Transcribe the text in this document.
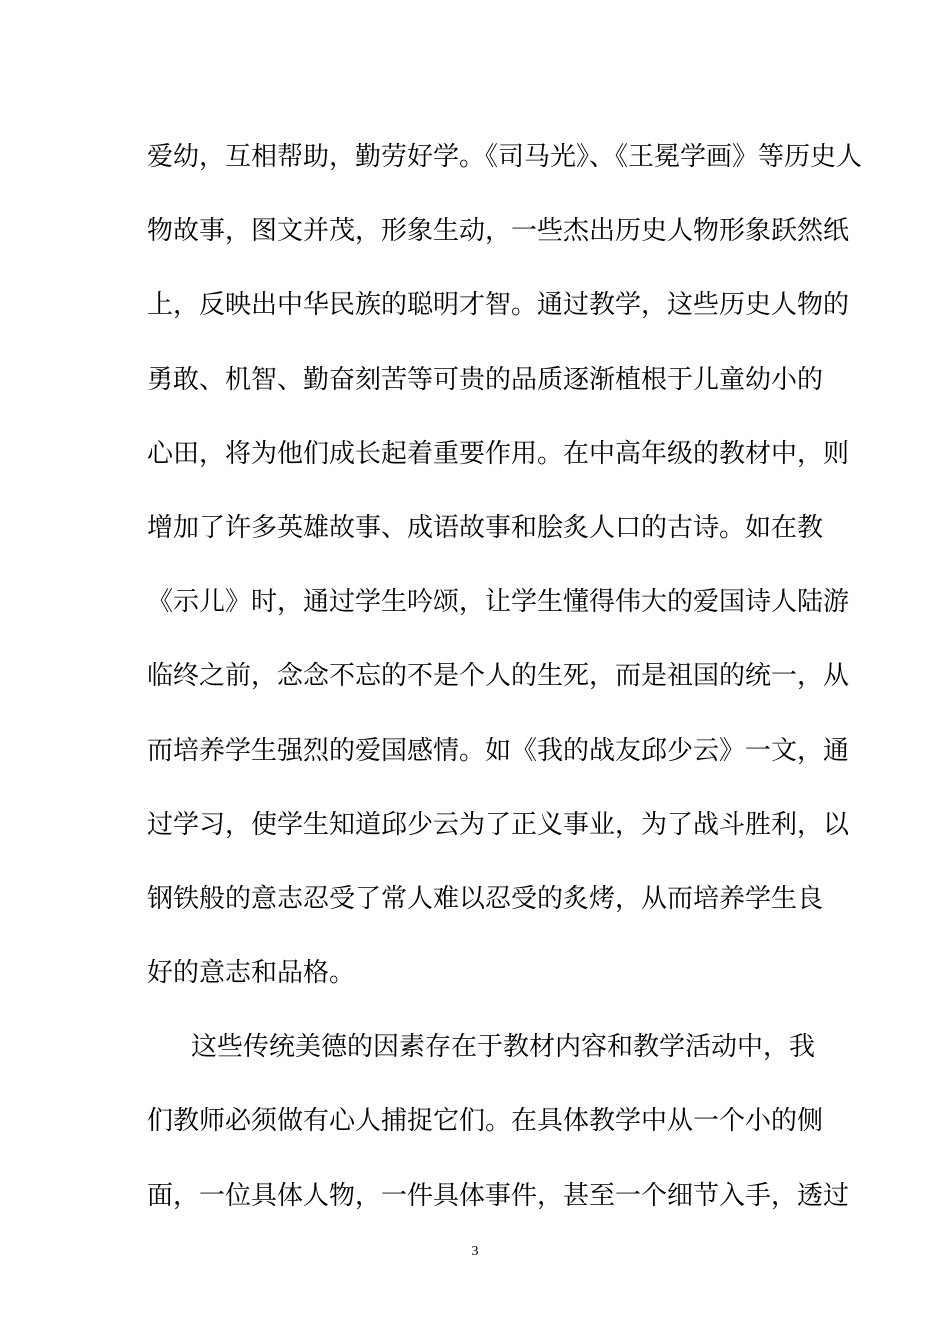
爱幼，互相帮助，勤劳好学。《司马光》、《王冕学画》等历史人
物故事，图文并茂，形象生动，一些杰出历史人物形象跃然纸
上，反映出中华民族的聪明才智。通过教学，这些历史人物的
勇敢、机智、勤奋刻苦等可贵的品质逐渐植根于儿童幼小的
心田，将为他们成长起着重要作用。在中高年级的教材中，则
增加了许多英雄故事、成语故事和脍炙人口的古诗。如在教
《示儿》时，通过学生吟颂，让学生懂得伟大的爱国诗人陆游
临终之前，念念不忘的不是个人的生死，而是祖国的统一，从
而培养学生强烈的爱国感情。如《我的战友邱少云》一文，通
过学习，使学生知道邱少云为了正义事业，为了战斗胜利，以
钢铁般的意志忍受了常人难以忍受的炙烤，从而培养学生良
好的意志和品格。
这些传统美德的因素存在于教材内容和教学活动中，我
们教师必须做有心人捕捉它们。在具体教学中从一个小的侧
面，一位具体人物，一件具体事件，甚至一个细节入手，透过
3
